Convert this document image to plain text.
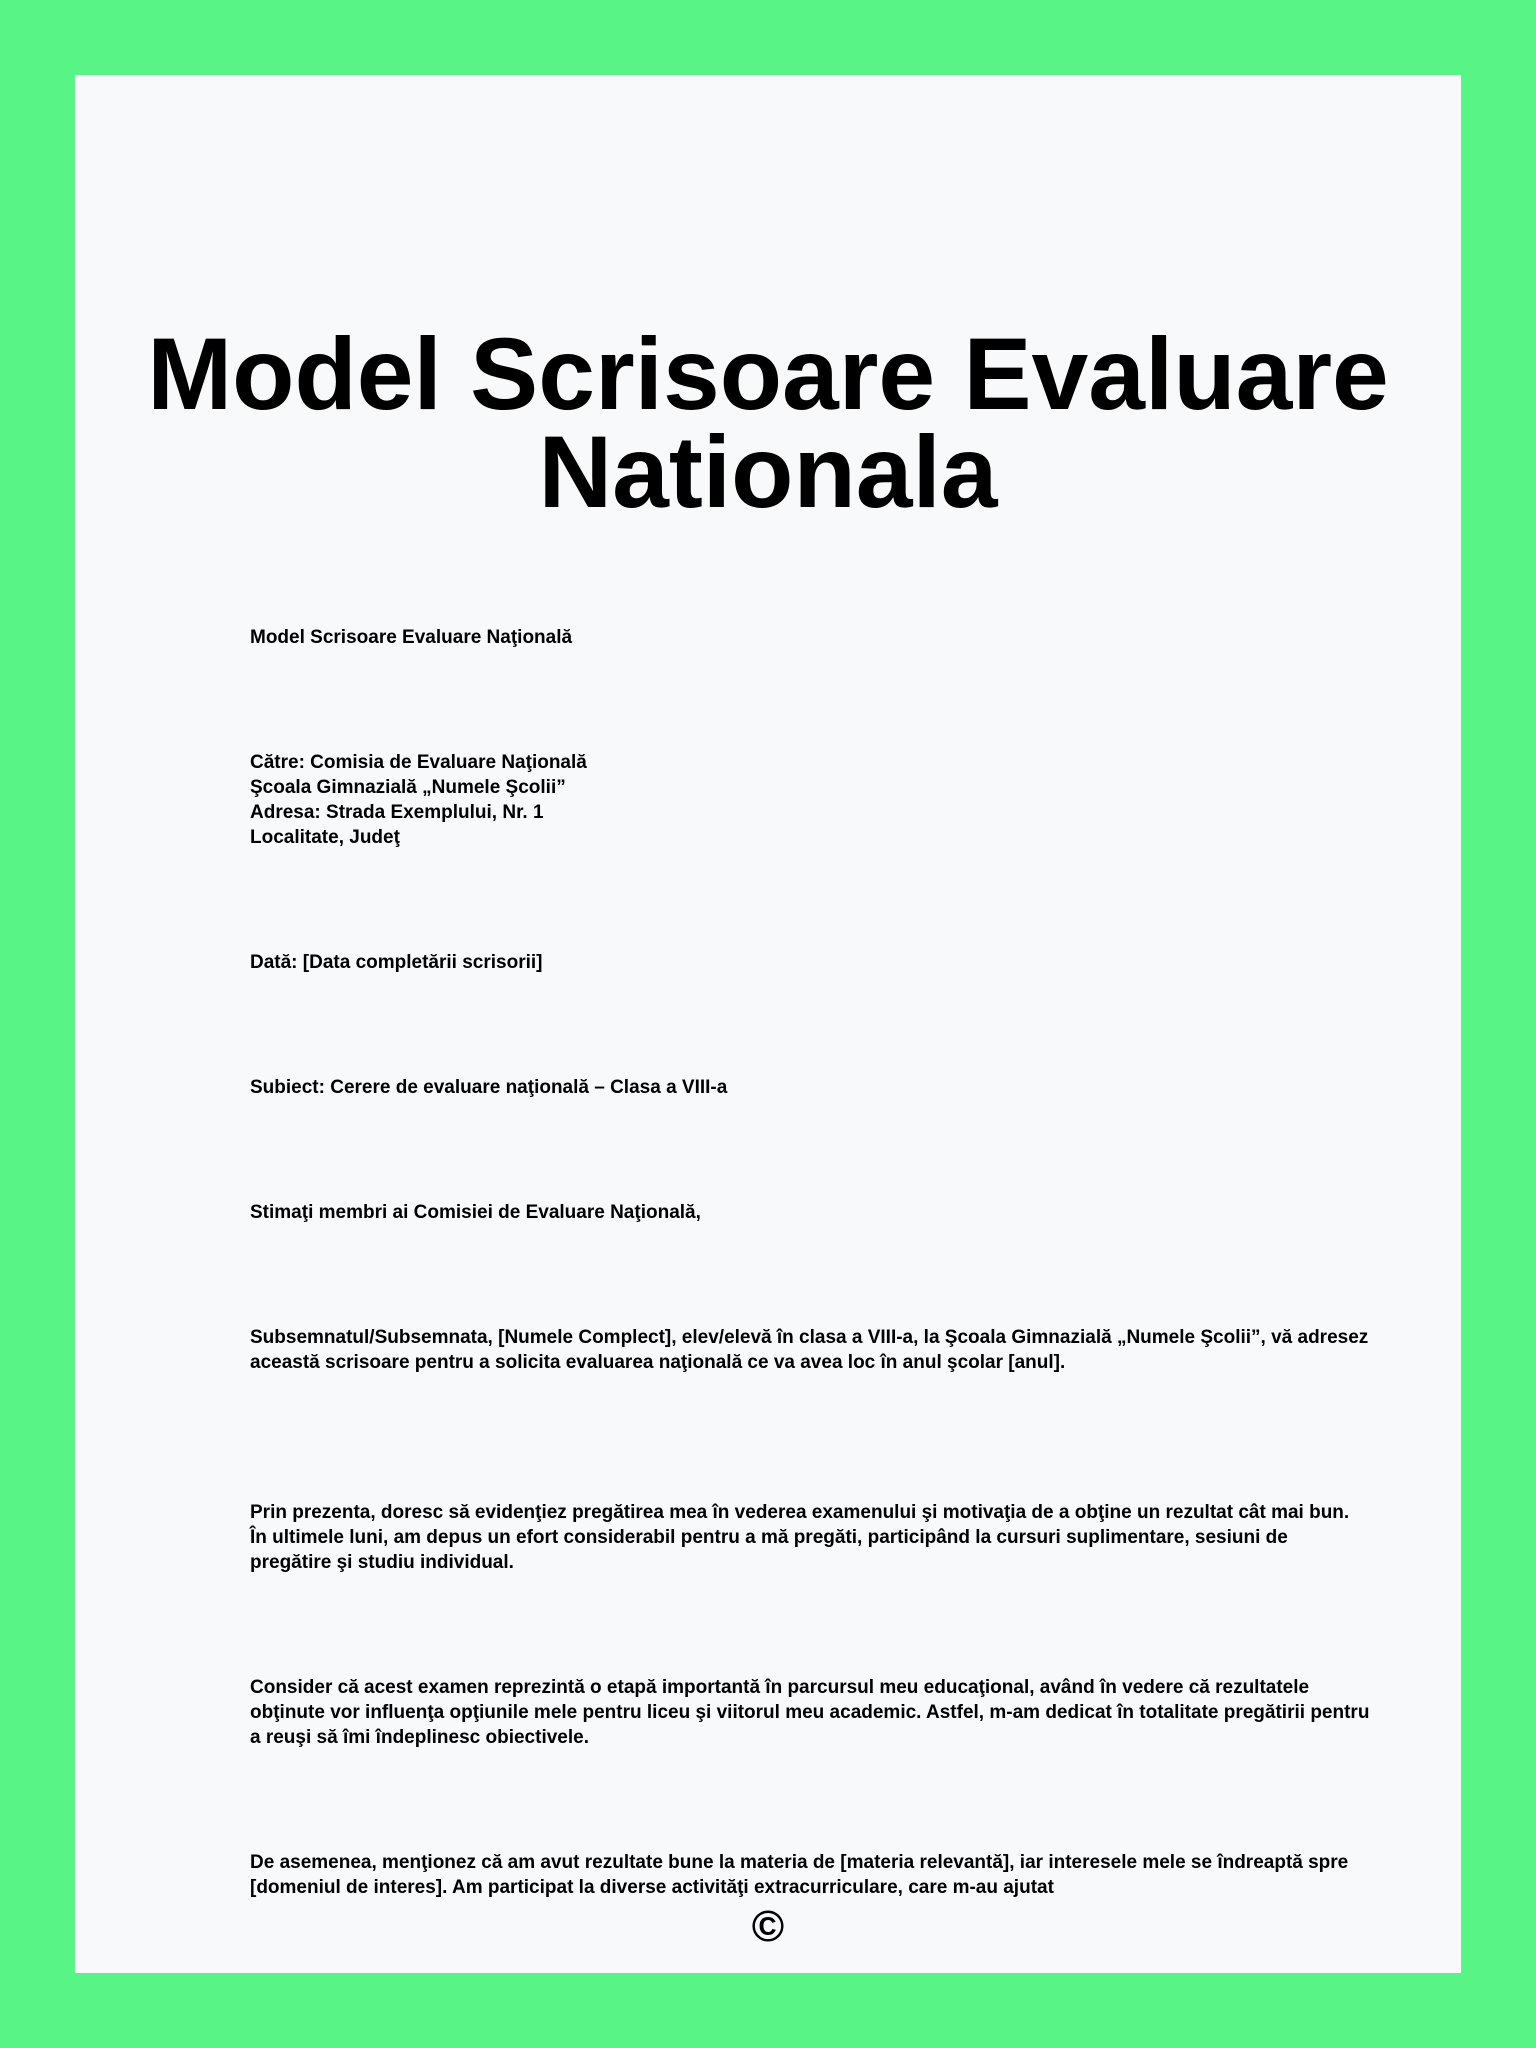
Model Scrisoare Evaluare Nationala

Model Scrisoare Evaluare Naţională

Către: Comisia de Evaluare Naţională
Şcoala Gimnazială „Numele Şcolii”
Adresa: Strada Exemplului, Nr. 1
Localitate, Judeţ

Dată: [Data completării scrisorii]

Subiect: Cerere de evaluare naţională – Clasa a VIII-a

Stimaţi membri ai Comisiei de Evaluare Naţională,

Subsemnatul/Subsemnata, [Numele Complect], elev/elevă în clasa a VIII-a, la Şcoala Gimnazială „Numele Şcolii”, vă adresez această scrisoare pentru a solicita evaluarea naţională ce va avea loc în anul şcolar [anul].

Prin prezenta, doresc să evidenţiez pregătirea mea în vederea examenului şi motivaţia de a obţine un rezultat cât mai bun. În ultimele luni, am depus un efort considerabil pentru a mă pregăti, participând la cursuri suplimentare, sesiuni de pregătire şi studiu individual.

Consider că acest examen reprezintă o etapă importantă în parcursul meu educaţional, având în vedere că rezultatele obţinute vor influenţa opţiunile mele pentru liceu şi viitorul meu academic. Astfel, m-am dedicat în totalitate pregătirii pentru a reuşi să îmi îndeplinesc obiectivele.

De asemenea, menţionez că am avut rezultate bune la materia de [materia relevantă], iar interesele mele se îndreaptă spre [domeniul de interes]. Am participat la diverse activităţi extracurriculare, care m-au ajutat

©
